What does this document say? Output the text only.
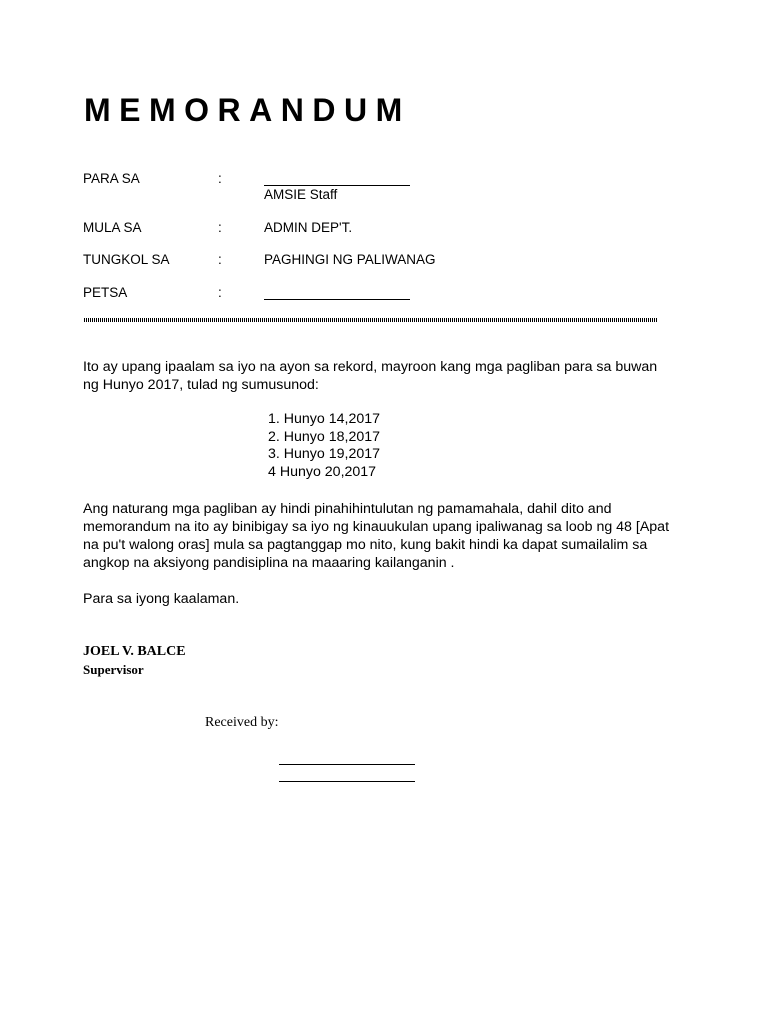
MEMORANDUM
PARA SA	:
AMSIE Staff
MULA SA	:	ADMIN DEP'T.
TUNGKOL SA	:	PAGHINGI NG PALIWANAG
PETSA	:
Ito ay upang ipaalam sa iyo na ayon sa rekord, mayroon kang mga pagliban para sa buwan ng Hunyo 2017, tulad ng sumusunod:
1. Hunyo 14,2017
2. Hunyo 18,2017
3. Hunyo 19,2017
4 Hunyo 20,2017
Ang naturang mga pagliban ay hindi pinahihintulutan ng pamamahala, dahil dito and memorandum na ito ay binibigay sa iyo ng kinauukulan upang ipaliwanag sa loob ng 48 [Apat na pu't walong oras] mula sa pagtanggap mo nito, kung bakit hindi ka dapat sumailalim sa angkop na aksiyong pandisiplina na maaaring kailanganin .
Para sa iyong kaalaman.
JOEL V. BALCE
Supervisor
Received by:
